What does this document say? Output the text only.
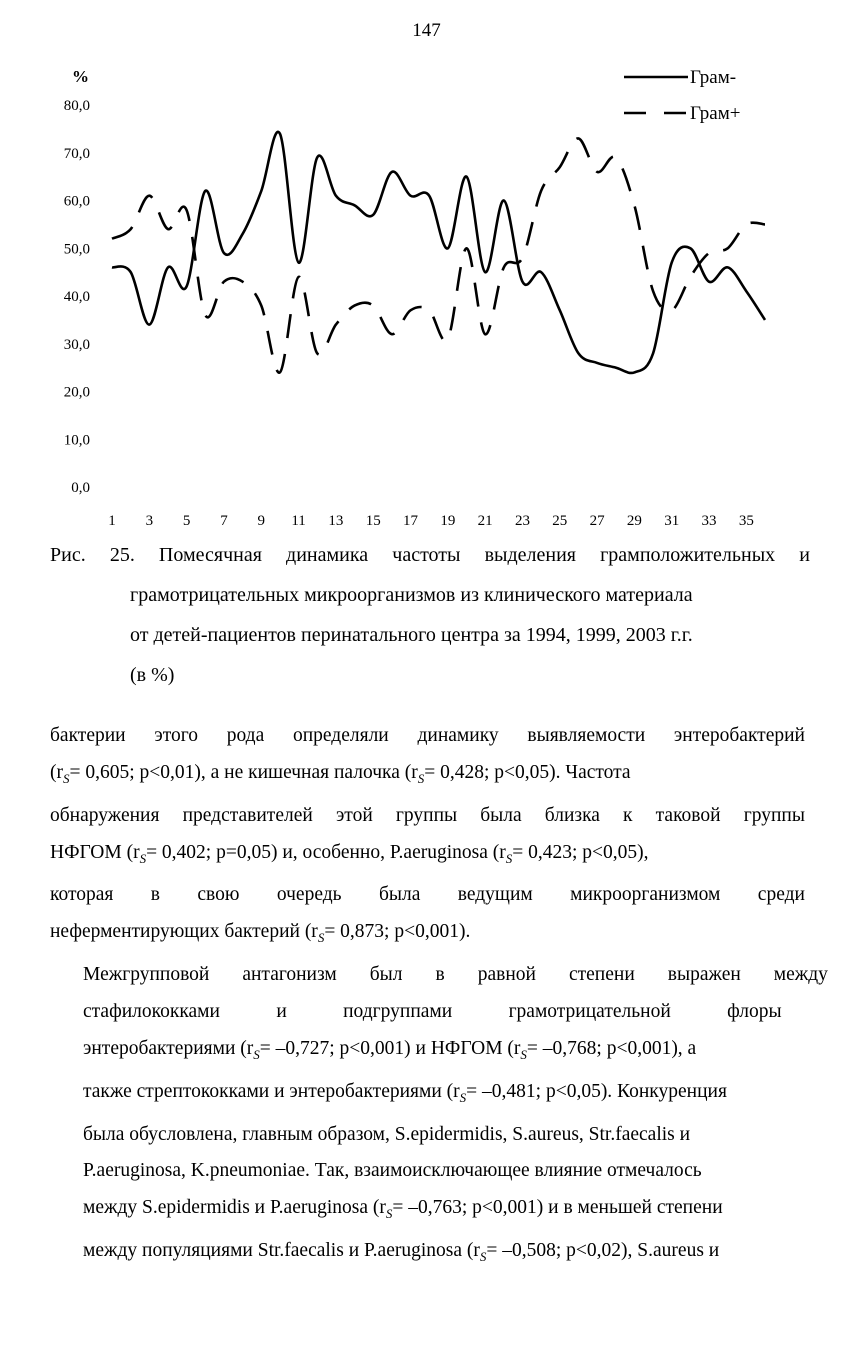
147
%
80,0
70,0
60,0
50,0
40,0
30,0
20,0
10,0
0,0
1 3 5 7 9 11 13 15 17 19 21 23 25 27 29 31 33 35
Грам-
Грам+
Рис. 25. Помесячная динамика частоты выделения грамположительных и
грамотрицательных микроорганизмов из клинического материала
от детей-пациентов перинатального центра за 1994, 1999, 2003 г.г.
(в %)
бактерии этого рода определяли динамику выявляемости энтеробактерий
($r_S= 0,605$; p<0,01), а не кишечная палочка ($r_S= 0,428$; p<0,05). Частота
обнаружения представителей этой группы была близка к таковой группы
НФГОМ ($r_S= 0,402$; p=0,05) и, особенно, P.aeruginosa ($r_S= 0,423$; p<0,05),
которая в свою очередь была ведущим микроорганизмом среди
неферментирующих бактерий ($r_S= 0,873$; p<0,001).
Межгрупповой	антагонизм	был	в	равной	степени	выражен	между
стафилококками	и	подгруппами	грамотрицательной	флоры
энтеробактериями ($r_S= -0,727$; p<0,001) и НФГОМ ($r_S= -0,768$; p<0,001), а
также стрептококками и энтеробактериями ($r_S= -0,481$; p<0,05). Конкуренция
была обусловлена, главным образом, S.epidermidis, S.aureus, Str.faecalis и
P.aeruginosa, K.pneumoniae. Так, взаимоисключающее влияние отмечалось
между S.epidermidis и P.aeruginosa ($r_S= -0,763$; p<0,001) и в меньшей степени
между популяциями Str.faecalis и P.aeruginosa ($r_S= -0,508$; p<0,02), S.aureus и
